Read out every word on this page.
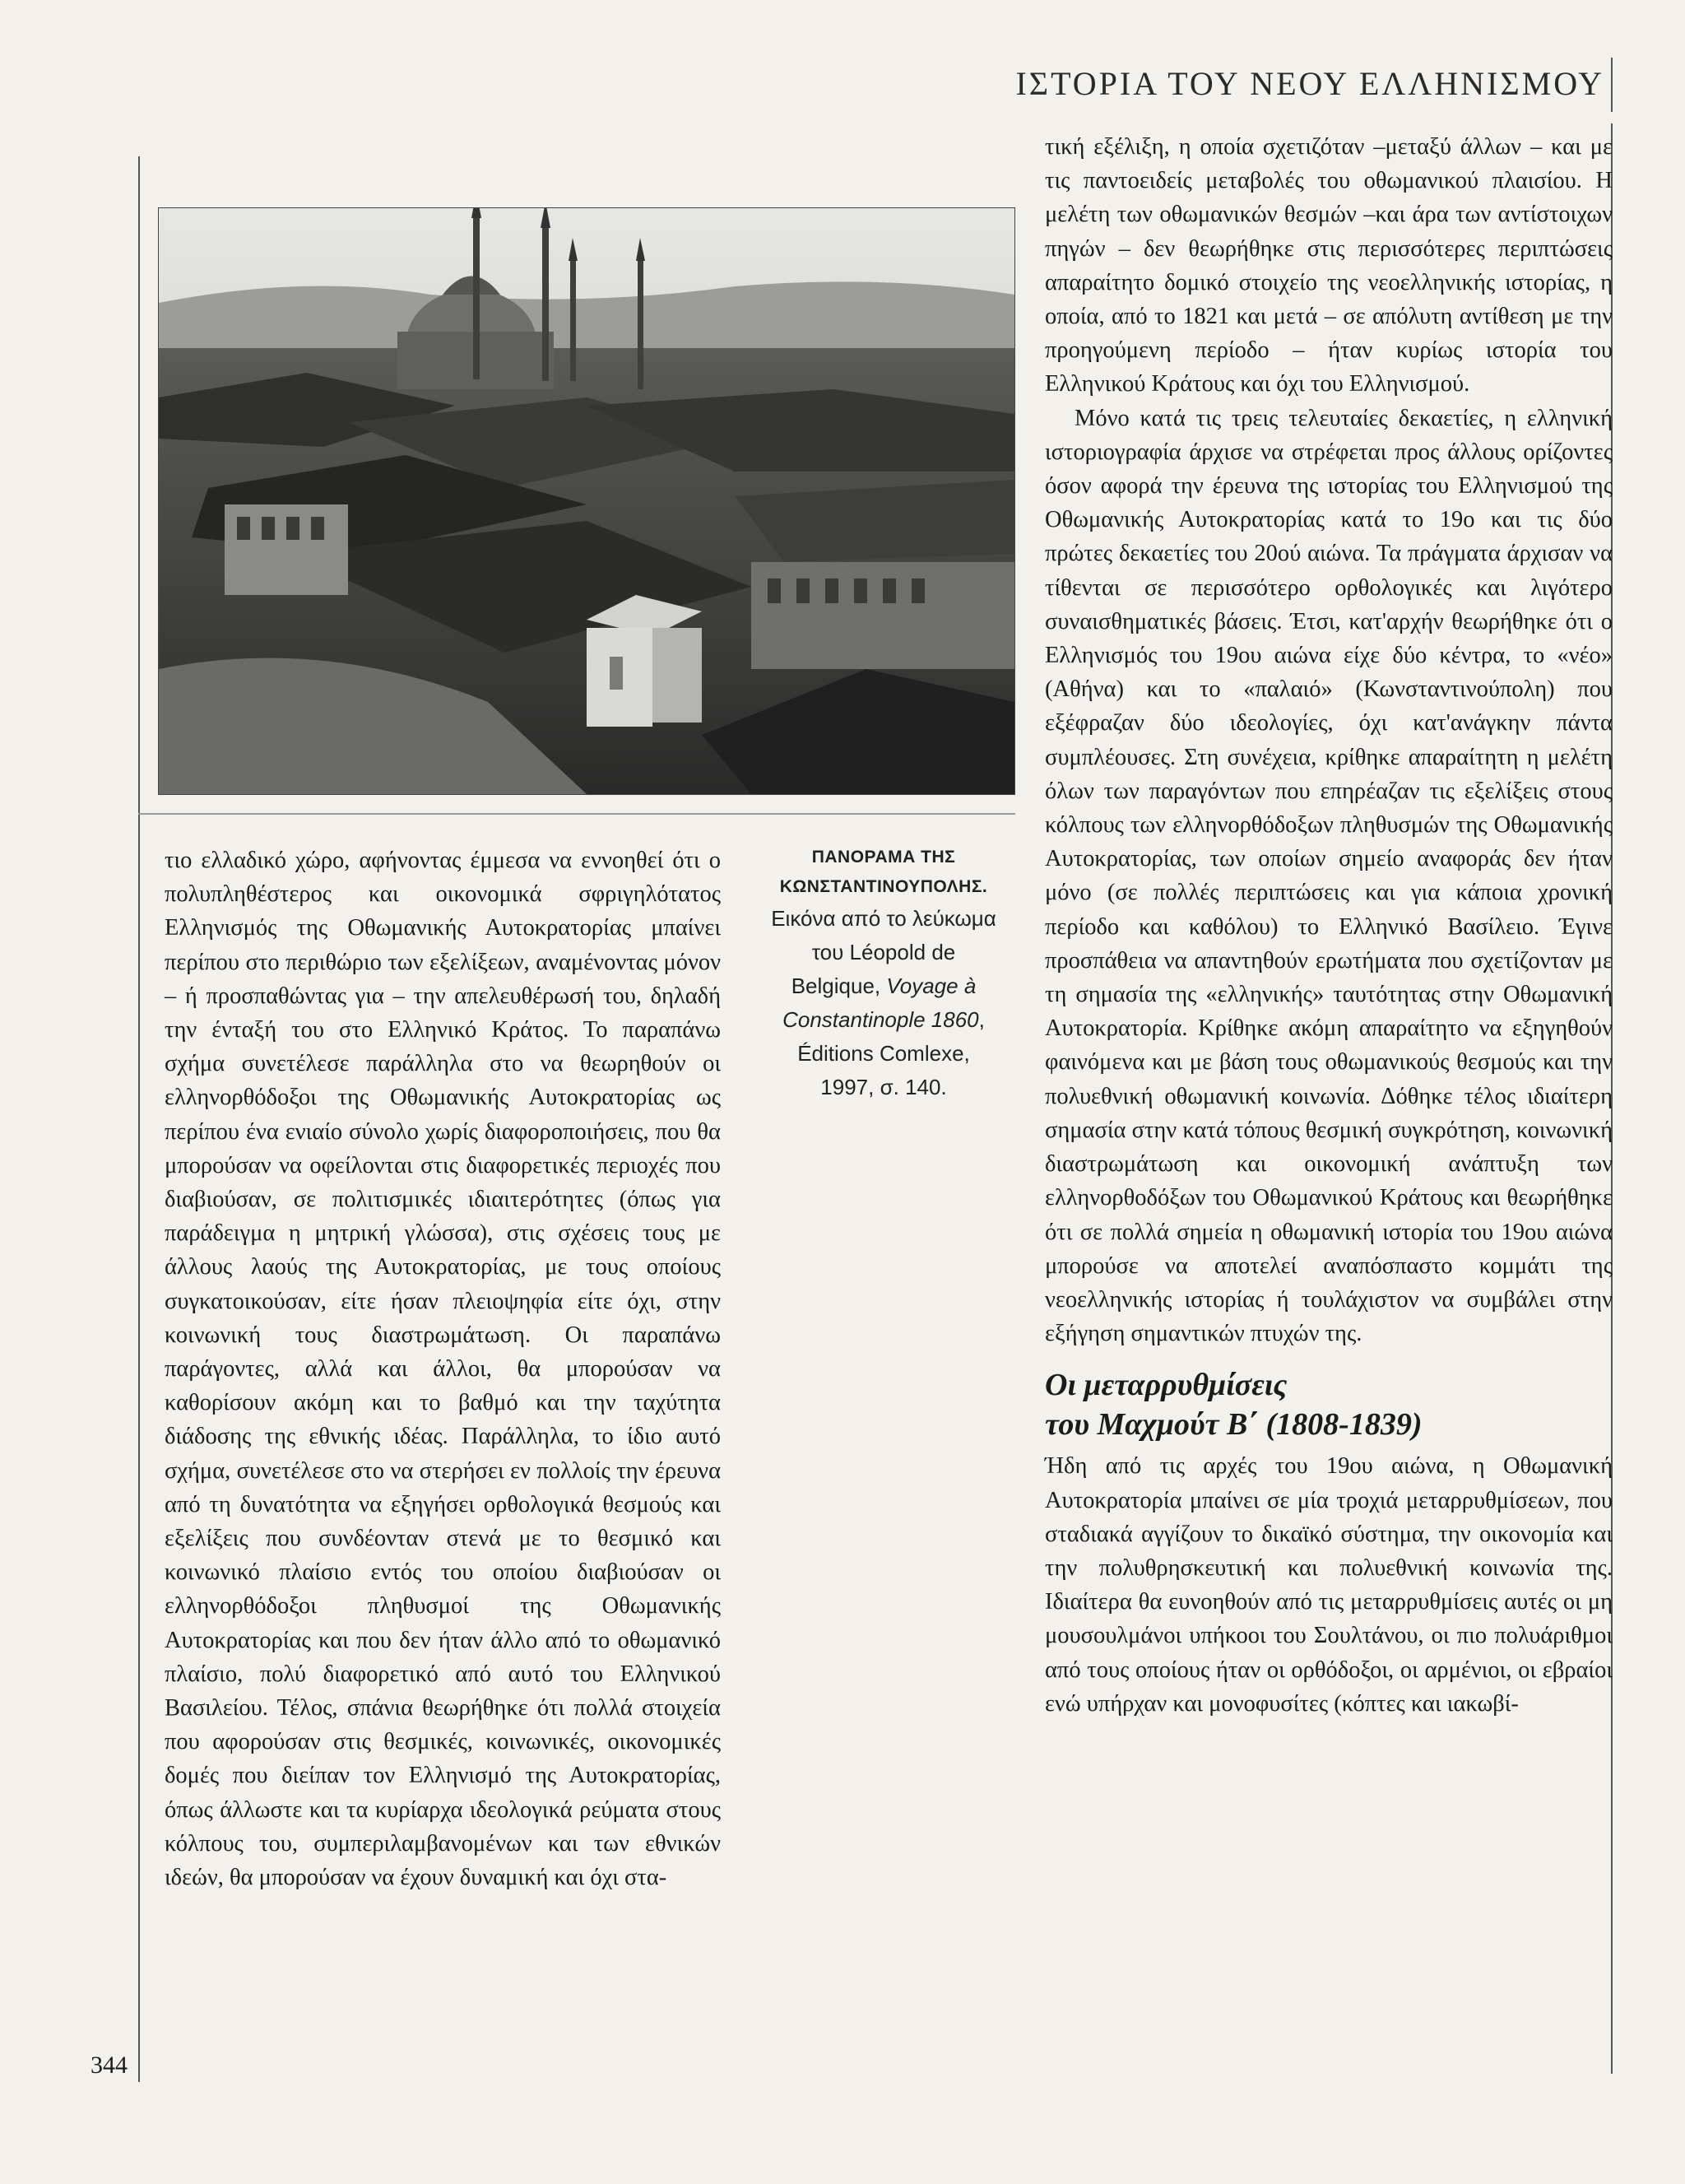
ΙΣΤΟΡΙΑ ΤΟΥ ΝΕΟΥ ΕΛΛΗΝΙΣΜΟΥ
ΠΑΝΟΡΑΜΑ ΤΗΣ
ΚΩΝΣΤΑΝΤΙΝΟΥΠΟΛΗΣ.
Εικόνα από το λεύκωμα
του Léopold de
Belgique, Voyage à
Constantinople 1860,
Éditions Comlexe,
1997, σ. 140.

τιο ελλαδικό χώρο, αφήνοντας έμμεσα να εννοηθεί ότι ο πολυπληθέστερος και οικονομικά σφριγηλότατος Ελληνισμός της Οθωμανικής Αυτοκρατορίας μπαίνει περίπου στο περιθώριο των εξελίξεων, αναμένοντας μόνον – ή προσπαθώντας για – την απελευθέρωσή του, δηλαδή την ένταξή του στο Ελληνικό Κράτος. Το παραπάνω σχήμα συνετέλεσε παράλληλα στο να θεωρηθούν οι ελληνορθόδοξοι της Οθωμανικής Αυτοκρατορίας ως περίπου ένα ενιαίο σύνολο χωρίς διαφοροποιήσεις, που θα μπορούσαν να οφείλονται στις διαφορετικές περιοχές που διαβιούσαν, σε πολιτισμικές ιδιαιτερότητες (όπως για παράδειγμα η μητρική γλώσσα), στις σχέσεις τους με άλλους λαούς της Αυτοκρατορίας, με τους οποίους συγκατοικούσαν, είτε ήσαν πλειοψηφία είτε όχι, στην κοινωνική τους διαστρωμάτωση. Οι παραπάνω παράγοντες, αλλά και άλλοι, θα μπορούσαν να καθορίσουν ακόμη και το βαθμό και την ταχύτητα διάδοσης της εθνικής ιδέας. Παράλληλα, το ίδιο αυτό σχήμα, συνετέλεσε στο να στερήσει εν πολλοίς την έρευνα από τη δυνατότητα να εξηγήσει ορθολογικά θεσμούς και εξελίξεις που συνδέονταν στενά με το θεσμικό και κοινωνικό πλαίσιο εντός του οποίου διαβιούσαν οι ελληνορθόδοξοι πληθυσμοί της Οθωμανικής Αυτοκρατορίας και που δεν ήταν άλλο από το οθωμανικό πλαίσιο, πολύ διαφορετικό από αυτό του Ελληνικού Βασιλείου. Τέλος, σπάνια θεωρήθηκε ότι πολλά στοιχεία που αφορούσαν στις θεσμικές, κοινωνικές, οικονομικές δομές που διείπαν τον Ελληνισμό της Αυτοκρατορίας, όπως άλλωστε και τα κυρίαρχα ιδεολογικά ρεύματα στους κόλπους του, συμπεριλαμβανομένων και των εθνικών ιδεών, θα μπορούσαν να έχουν δυναμική και όχι στα-

τική εξέλιξη, η οποία σχετιζόταν –μεταξύ άλλων – και με τις παντοειδείς μεταβολές του οθωμανικού πλαισίου. Η μελέτη των οθωμανικών θεσμών –και άρα των αντίστοιχων πηγών – δεν θεωρήθηκε στις περισσότερες περιπτώσεις απαραίτητο δομικό στοιχείο της νεοελληνικής ιστορίας, η οποία, από το 1821 και μετά – σε απόλυτη αντίθεση με την προηγούμενη περίοδο – ήταν κυρίως ιστορία του Ελληνικού Κράτους και όχι του Ελληνισμού.

Μόνο κατά τις τρεις τελευταίες δεκαετίες, η ελληνική ιστοριογραφία άρχισε να στρέφεται προς άλλους ορίζοντες όσον αφορά την έρευνα της ιστορίας του Ελληνισμού της Οθωμανικής Αυτοκρατορίας κατά το 19ο και τις δύο πρώτες δεκαετίες του 20ού αιώνα. Τα πράγματα άρχισαν να τίθενται σε περισσότερο ορθολογικές και λιγότερο συναισθηματικές βάσεις. Έτσι, κατ'αρχήν θεωρήθηκε ότι ο Ελληνισμός του 19ου αιώνα είχε δύο κέντρα, το «νέο» (Αθήνα) και το «παλαιό» (Κωνσταντινούπολη) που εξέφραζαν δύο ιδεολογίες, όχι κατ'ανάγκην πάντα συμπλέουσες. Στη συνέχεια, κρίθηκε απαραίτητη η μελέτη όλων των παραγόντων που επηρέαζαν τις εξελίξεις στους κόλπους των ελληνορθόδοξων πληθυσμών της Οθωμανικής Αυτοκρατορίας, των οποίων σημείο αναφοράς δεν ήταν μόνο (σε πολλές περιπτώσεις και για κάποια χρονική περίοδο και καθόλου) το Ελληνικό Βασίλειο. Έγινε προσπάθεια να απαντηθούν ερωτήματα που σχετίζονταν με τη σημασία της «ελληνικής» ταυτότητας στην Οθωμανική Αυτοκρατορία. Κρίθηκε ακόμη απαραίτητο να εξηγηθούν φαινόμενα και με βάση τους οθωμανικούς θεσμούς και την πολυεθνική οθωμανική κοινωνία. Δόθηκε τέλος ιδιαίτερη σημασία στην κατά τόπους θεσμική συγκρότηση, κοινωνική διαστρωμάτωση και οικονομική ανάπτυξη των ελληνορθοδόξων του Οθωμανικού Κράτους και θεωρήθηκε ότι σε πολλά σημεία η οθωμανική ιστορία του 19ου αιώνα μπορούσε να αποτελεί αναπόσπαστο κομμάτι της νεοελληνικής ιστορίας ή τουλάχιστον να συμβάλει στην εξήγηση σημαντικών πτυχών της.

Οι μεταρρυθμίσεις
του Μαχμούτ Β΄ (1808-1839)

Ήδη από τις αρχές του 19ου αιώνα, η Οθωμανική Αυτοκρατορία μπαίνει σε μία τροχιά μεταρρυθμίσεων, που σταδιακά αγγίζουν το δικαϊκό σύστημα, την οικονομία και την πολυθρησκευτική και πολυεθνική κοινωνία της. Ιδιαίτερα θα ευνοηθούν από τις μεταρρυθμίσεις αυτές οι μη μουσουλμάνοι υπήκοοι του Σουλτάνου, οι πιο πολυάριθμοι από τους οποίους ήταν οι ορθόδοξοι, οι αρμένιοι, οι εβραίοι ενώ υπήρχαν και μονοφυσίτες (κόπτες και ιακωβί-

344
